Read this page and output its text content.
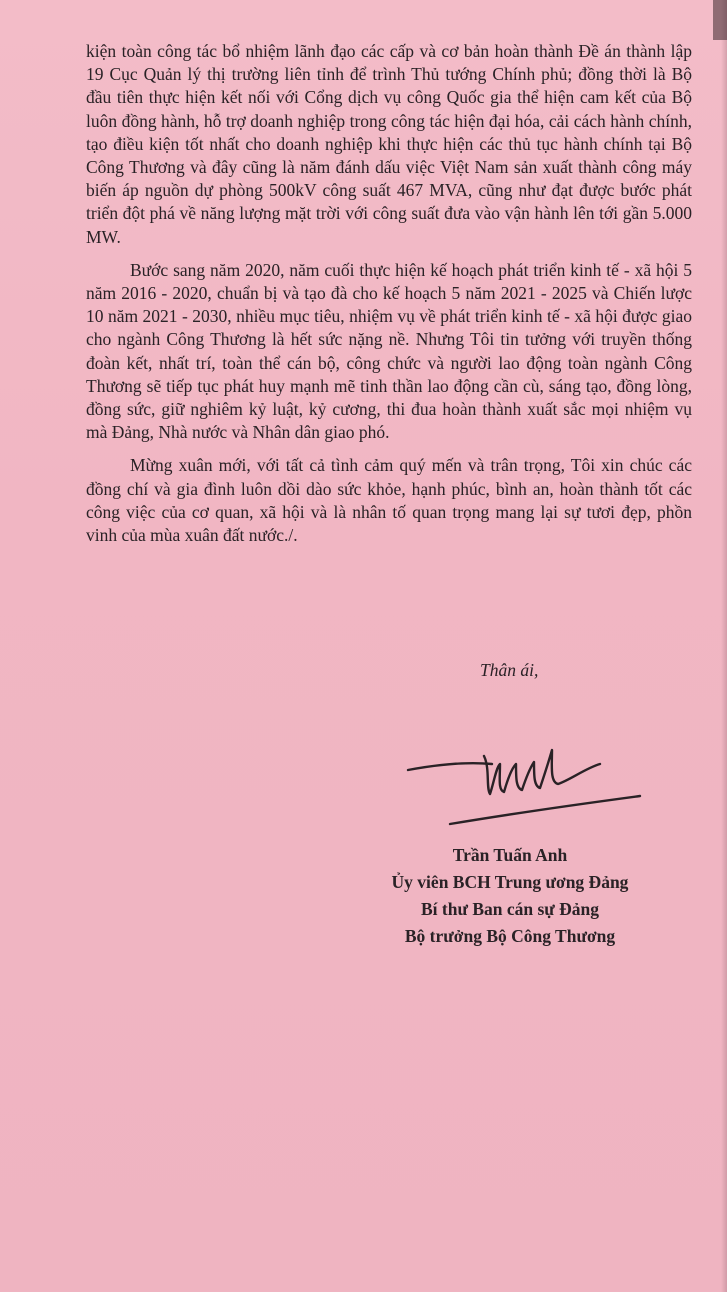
kiện toàn công tác bổ nhiệm lãnh đạo các cấp và cơ bản hoàn thành Đề án thành lập 19 Cục Quản lý thị trường liên tỉnh để trình Thủ tướng Chính phủ; đồng thời là Bộ đầu tiên thực hiện kết nối với Cổng dịch vụ công Quốc gia thể hiện cam kết của Bộ luôn đồng hành, hỗ trợ doanh nghiệp trong công tác hiện đại hóa, cải cách hành chính, tạo điều kiện tốt nhất cho doanh nghiệp khi thực hiện các thủ tục hành chính tại Bộ Công Thương và đây cũng là năm đánh dấu việc Việt Nam sản xuất thành công máy biến áp nguồn dự phòng 500kV công suất 467 MVA, cũng như đạt được bước phát triển đột phá về năng lượng mặt trời với công suất đưa vào vận hành lên tới gần 5.000 MW.

Bước sang năm 2020, năm cuối thực hiện kế hoạch phát triển kinh tế - xã hội 5 năm 2016 - 2020, chuẩn bị và tạo đà cho kế hoạch 5 năm 2021 - 2025 và Chiến lược 10 năm 2021 - 2030, nhiều mục tiêu, nhiệm vụ về phát triển kinh tế - xã hội được giao cho ngành Công Thương là hết sức nặng nề. Nhưng Tôi tin tưởng với truyền thống đoàn kết, nhất trí, toàn thể cán bộ, công chức và người lao động toàn ngành Công Thương sẽ tiếp tục phát huy mạnh mẽ tinh thần lao động cần cù, sáng tạo, đồng lòng, đồng sức, giữ nghiêm kỷ luật, kỷ cương, thi đua hoàn thành xuất sắc mọi nhiệm vụ mà Đảng, Nhà nước và Nhân dân giao phó.

Mừng xuân mới, với tất cả tình cảm quý mến và trân trọng, Tôi xin chúc các đồng chí và gia đình luôn dồi dào sức khỏe, hạnh phúc, bình an, hoàn thành tốt các công việc của cơ quan, xã hội và là nhân tố quan trọng mang lại sự tươi đẹp, phồn vinh của mùa xuân đất nước./.

Thân ái,
Trần Tuấn Anh
Ủy viên BCH Trung ương Đảng
Bí thư Ban cán sự Đảng
Bộ trưởng Bộ Công Thương
